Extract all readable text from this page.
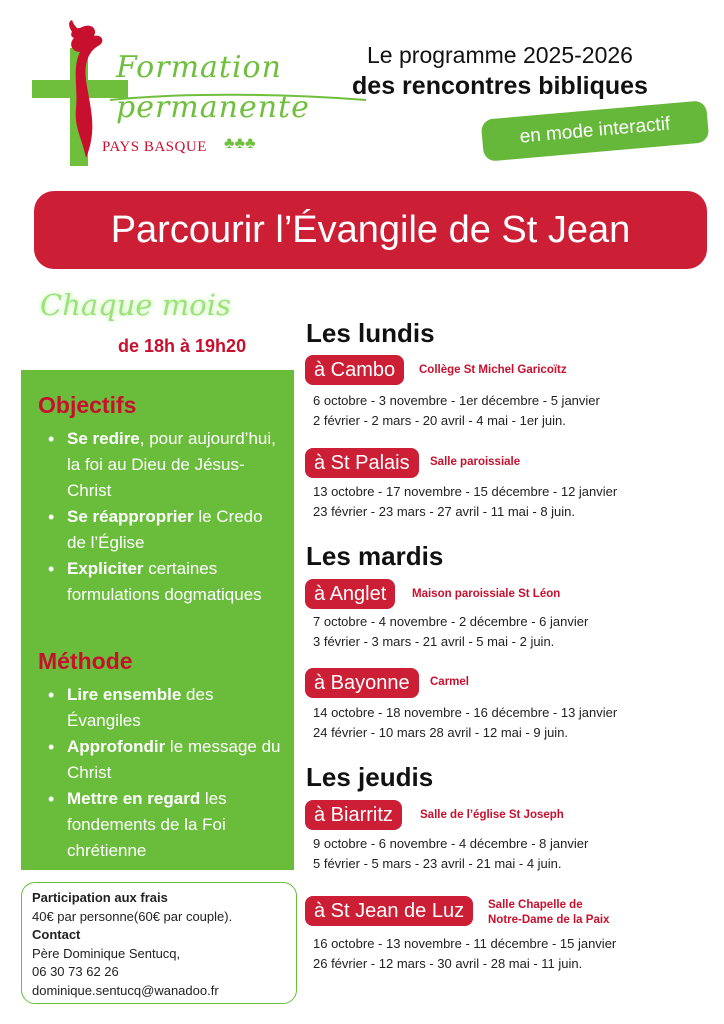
Formation
permanente
PAYS BASQUE ♣♣♣
Le programme 2025-2026
des rencontres bibliques
en mode interactif
Parcourir l’Évangile de St Jean
Chaque mois
de 18h à 19h20
Objectifs
• Se redire, pour aujourd’hui, la foi au Dieu de Jésus-Christ
• Se réapproprier le Credo de l’Église
• Expliciter certaines formulations dogmatiques
Méthode
• Lire ensemble des Évangiles
• Approfondir le message du Christ
• Mettre en regard les fondements de la Foi chrétienne
Participation aux frais
40€ par personne(60€ par couple).
Contact
Père Dominique Sentucq,
06 30 73 62 26
dominique.sentucq@wanadoo.fr
Les lundis
à Cambo	Collège St Michel Garicoïtz
6 octobre - 3 novembre - 1er décembre - 5 janvier
2 février - 2 mars - 20 avril - 4 mai - 1er juin.
à St Palais	Salle paroissiale
13 octobre - 17 novembre - 15 décembre - 12 janvier
23 février - 23 mars - 27 avril - 11 mai - 8 juin.
Les mardis
à Anglet	Maison paroissiale St Léon
7 octobre - 4 novembre - 2 décembre - 6 janvier
3 février - 3 mars - 21 avril - 5 mai - 2 juin.
à Bayonne	Carmel
14 octobre - 18 novembre - 16 décembre - 13 janvier
24 février - 10 mars 28 avril - 12 mai - 9 juin.
Les jeudis
à Biarritz	Salle de l’église St Joseph
9 octobre - 6 novembre - 4 décembre - 8 janvier
5 février - 5 mars - 23 avril - 21 mai - 4 juin.
à St Jean de Luz	Salle Chapelle de
Notre-Dame de la Paix
16 octobre - 13 novembre - 11 décembre - 15 janvier
26 février - 12 mars - 30 avril - 28 mai - 11 juin.
